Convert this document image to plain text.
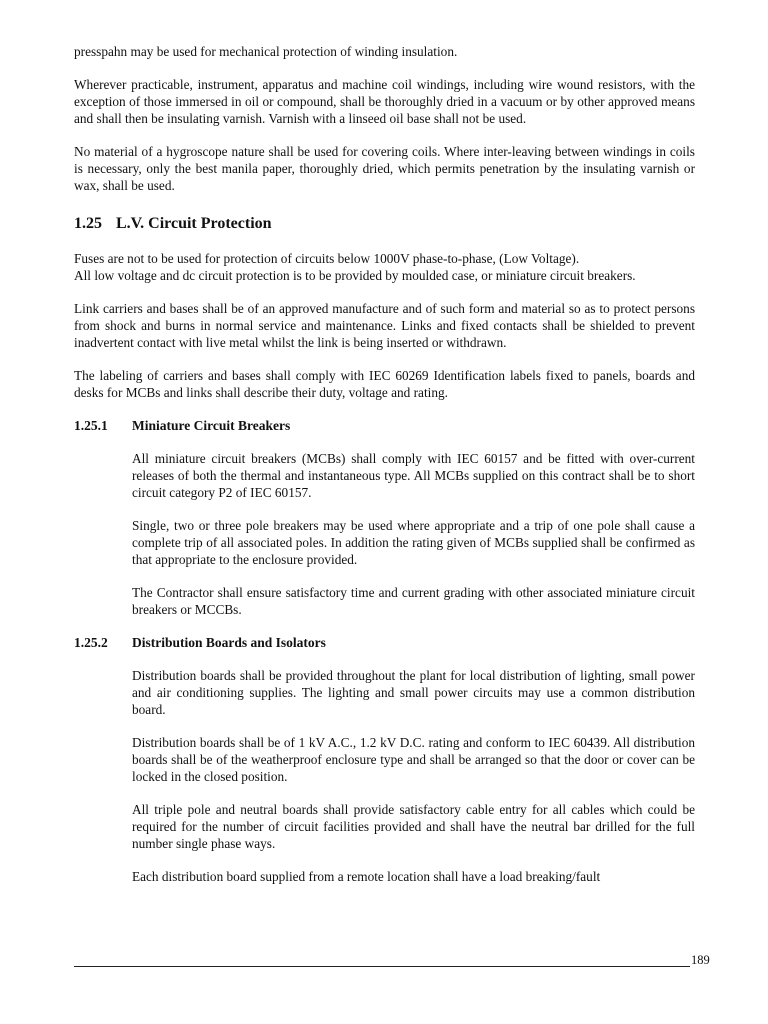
presspahn may be used for mechanical protection of winding insulation.

Wherever practicable, instrument, apparatus and machine coil windings, including wire wound resistors, with the exception of those immersed in oil or compound, shall be thoroughly dried in a vacuum or by other approved means and shall then be insulating varnish. Varnish with a linseed oil base shall not be used.

No material of a hygroscope nature shall be used for covering coils. Where inter-leaving between windings in coils is necessary, only the best manila paper, thoroughly dried, which permits penetration by the insulating varnish or wax, shall be used.

1.25 L.V. Circuit Protection

Fuses are not to be used for protection of circuits below 1000V phase-to-phase, (Low Voltage).

All low voltage and dc circuit protection is to be provided by moulded case, or miniature circuit breakers.

Link carriers and bases shall be of an approved manufacture and of such form and material so as to protect persons from shock and burns in normal service and maintenance. Links and fixed contacts shall be shielded to prevent inadvertent contact with live metal whilst the link is being inserted or withdrawn.

The labeling of carriers and bases shall comply with IEC 60269 Identification labels fixed to panels, boards and desks for MCBs and links shall describe their duty, voltage and rating.

1.25.1	Miniature Circuit Breakers

All miniature circuit breakers (MCBs) shall comply with IEC 60157 and be fitted with over-current releases of both the thermal and instantaneous type. All MCBs supplied on this contract shall be to short circuit category P2 of IEC 60157.

Single, two or three pole breakers may be used where appropriate and a trip of one pole shall cause a complete trip of all associated poles. In addition the rating given of MCBs supplied shall be confirmed as that appropriate to the enclosure provided.

The Contractor shall ensure satisfactory time and current grading with other associated miniature circuit breakers or MCCBs.

1.25.2	Distribution Boards and Isolators

Distribution boards shall be provided throughout the plant for local distribution of lighting, small power and air conditioning supplies. The lighting and small power circuits may use a common distribution board.

Distribution boards shall be of 1 kV A.C., 1.2 kV D.C. rating and conform to IEC 60439. All distribution boards shall be of the weatherproof enclosure type and shall be arranged so that the door or cover can be locked in the closed position.

All triple pole and neutral boards shall provide satisfactory cable entry for all cables which could be required for the number of circuit facilities provided and shall have the neutral bar drilled for the full number single phase ways.

Each distribution board supplied from a remote location shall have a load breaking/fault

189
